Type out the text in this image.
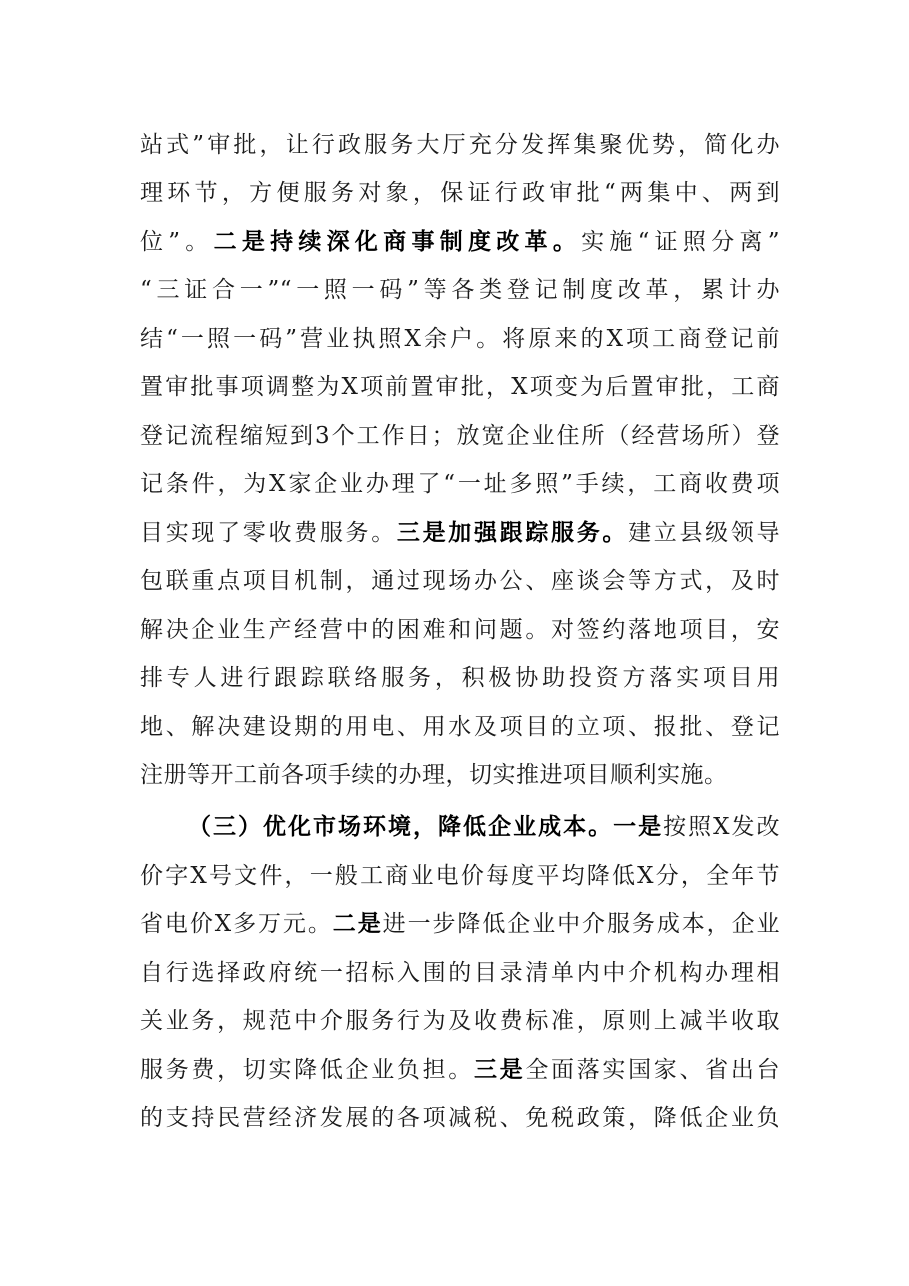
站式”审批，让行政服务大厅充分发挥集聚优势，简化办
理环节，方便服务对象，保证行政审批“两集中、两到
位”。二是持续深化商事制度改革。实施“证照分离”
“三证合一”“一照一码”等各类登记制度改革，累计办
结“一照一码”营业执照X余户。将原来的X项工商登记前
置审批事项调整为X项前置审批，X项变为后置审批，工商
登记流程缩短到3个工作日；放宽企业住所（经营场所）登
记条件，为X家企业办理了“一址多照”手续，工商收费项
目实现了零收费服务。三是加强跟踪服务。建立县级领导
包联重点项目机制，通过现场办公、座谈会等方式，及时
解决企业生产经营中的困难和问题。对签约落地项目，安
排专人进行跟踪联络服务，积极协助投资方落实项目用
地、解决建设期的用电、用水及项目的立项、报批、登记
注册等开工前各项手续的办理，切实推进项目顺利实施。
（三）优化市场环境，降低企业成本。一是按照X发改
价字X号文件，一般工商业电价每度平均降低X分，全年节
省电价X多万元。二是进一步降低企业中介服务成本，企业
自行选择政府统一招标入围的目录清单内中介机构办理相
关业务，规范中介服务行为及收费标准，原则上减半收取
服务费，切实降低企业负担。三是全面落实国家、省出台
的支持民营经济发展的各项减税、免税政策，降低企业负
